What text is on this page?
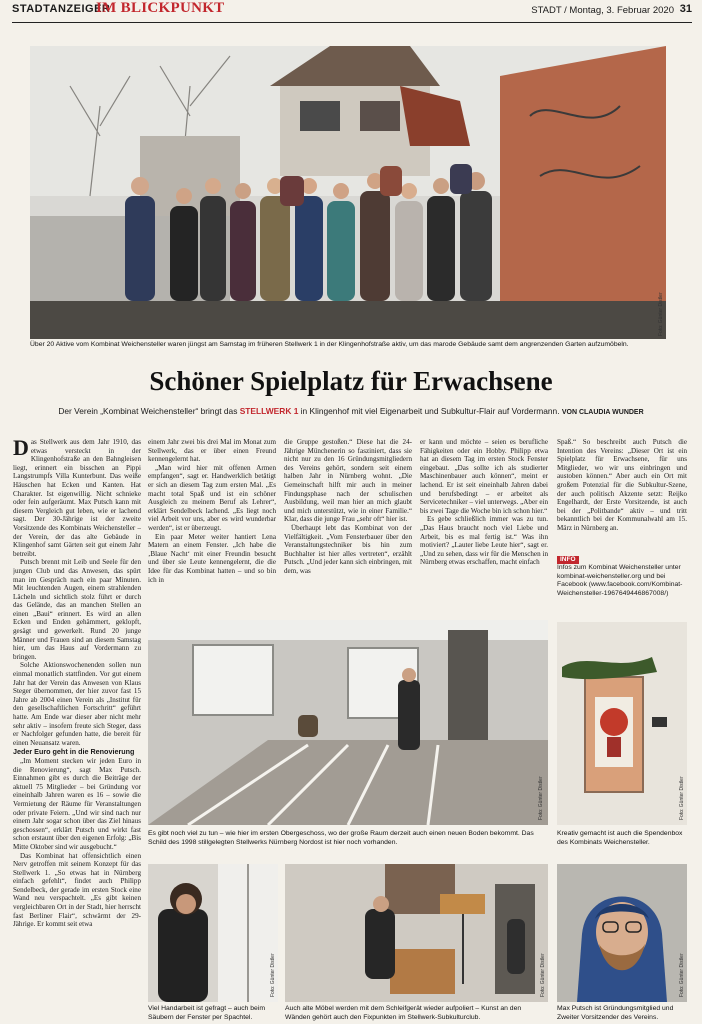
STADTANZEIGER
IM BLICKPUNKT	STADT / Montag, 3. Februar 2020 31
Foto: Günter Distler
Über 20 Aktive vom Kombinat Weichensteller waren jüngst am Samstag im früheren Stellwerk 1 in der Klingenhofstraße aktiv, um das marode Gebäude samt dem angrenzenden Garten aufzumöbeln.
Schöner Spielplatz für Erwachsene
Der Verein „Kombinat Weichensteller“ bringt das STELLWERK 1 in Klingenhof mit viel Eigenarbeit und Subkultur-Flair auf Vordermann. VON CLAUDIA WUNDER

Das Stellwerk aus dem Jahr 1910, das etwas versteckt in der Klingenhofstraße an den Bahngleisen liegt, erinnert ein bisschen an Pippi Langstrumpfs Villa Kunterbunt. Das weiße Häuschen hat Ecken und Kanten. Hat Charakter. Ist eigenwillig. Nicht schnieke oder fein aufgeräumt. Max Putsch kann mit diesem Vergleich gut leben, wie er lachend sagt. Der 30-Jährige ist der zweite Vorsitzende des Kombinats Weichensteller – der Verein, der das alte Gebäude in Klingenhof samt Gärten seit gut einem Jahr betreibt.

Putsch brennt mit Leib und Seele für den jungen Club und das Anwesen, das spürt man im Gespräch nach ein paar Minuten. Mit leuchtenden Augen, einem strahlenden Lächeln und sichtlich stolz führt er durch das Gelände, das an manchen Stellen an einen „Baui“ erinnert. Es wird an allen Ecken und Enden gehämmert, geklopft, gesägt und gewerkelt. Rund 20 junge Männer und Frauen sind an diesem Samstag hier, um das Haus auf Vordermann zu bringen.

Solche Aktionswochenenden sollen nun einmal monatlich stattfinden. Vor gut einem Jahr hat der Verein das Anwesen von Klaus Steger übernommen, der hier zuvor fast 15 Jahre ab 2004 einen Verein als „Institut für den gesellschaftlichen Fortschritt“ geführt hatte. Am Ende war dieser aber nicht mehr sehr aktiv – insofern freute sich Steger, dass er Nachfolger gefunden hatte, die bereit für einen Neuansatz waren.

Jeder Euro geht in die Renovierung

„Im Moment stecken wir jeden Euro in die Renovierung“, sagt Max Putsch. Einnahmen gibt es durch die Beiträge der aktuell 75 Mitglieder – bei Gründung vor eineinhalb Jahren waren es 16 – sowie die Vermietung der Räume für Veranstaltungen oder private Feiern. „Und wir sind nach nur einem Jahr sogar schon über das Ziel hinaus geschossen“, erklärt Putsch und wirkt fast schon erstaunt über den eigenen Erfolg: „Bis Mitte Oktober sind wir ausgebucht.“

Das Kombinat hat offensichtlich einen Nerv getroffen mit seinem Konzept für das Stellwerk 1. „So etwas hat in Nürnberg einfach gefehlt“, findet auch Philipp Sendelbeck, der gerade im ersten Stock eine Wand neu verspachtelt. „Es gibt keinen vergleichbaren Ort in der Stadt, hier herrscht fast Berliner Flair“, schwärmt der 29-Jährige. Er kommt seit etwa

einem Jahr zwei bis drei Mal im Monat zum Stellwerk, das er über einen Freund kennengelernt hat.

„Man wird hier mit offenen Armen empfangen“, sagt er. Handwerklich betätigt er sich an diesem Tag zum ersten Mal. „Es macht total Spaß und ist ein schöner Ausgleich zu meinem Beruf als Lehrer“, erklärt Sendelbeck lachend. „Es liegt noch viel Arbeit vor uns, aber es wird wunderbar werden“, ist er überzeugt.

Ein paar Meter weiter hantiert Lena Matern an einem Fenster. „Ich habe die ‚Blaue Nacht‘ mit einer Freundin besucht und über sie Leute kennengelernt, die die Idee für das Kombinat hatten – und so bin ich in

die Gruppe gestoßen.“ Diese hat die 24-Jährige Münchenerin so fasziniert, dass sie nicht nur zu den 16 Gründungsmitgliedern des Vereins gehört, sondern seit einem halben Jahr in Nürnberg wohnt. „Die Gemeinschaft hilft mir auch in meiner Findungsphase nach der schulischen Ausbildung, weil man hier an mich glaubt und mich unterstützt, wie in einer Familie.“ Klar, dass die junge Frau „sehr oft“ hier ist.

Überhaupt lebt das Kombinat von der Vielfältigkeit. „Vom Fensterbauer über den Veranstaltungstechniker bis hin zum Buchhalter ist hier alles vertreten“, erzählt Putsch. „Und jeder kann sich einbringen, mit dem, was

er kann und möchte – seien es berufliche Fähigkeiten oder ein Hobby. Philipp etwa hat an diesem Tag im ersten Stock Fenster eingebaut. „Das sollte ich als studierter Maschinenbauer auch können“, meint er lachend. Er ist seit eineinhalb Jahren dabei und berufsbedingt – er arbeitet als Servicetechniker – viel unterwegs. „Aber ein bis zwei Tage die Woche bin ich schon hier.“

Es gebe schließlich immer was zu tun. „Das Haus braucht noch viel Liebe und Arbeit, bis es mal fertig ist.“ Was ihn motiviert? „Lauter liebe Leute hier“, sagt er. „Und zu sehen, dass wir für die Menschen in Nürnberg etwas erschaffen, macht einfach

Spaß.“ So beschreibt auch Putsch die Intention des Vereins: „Dieser Ort ist ein Spielplatz für Erwachsene, für uns Mitglieder, wo wir uns einbringen und austoben können.“ Aber auch ein Ort mit großem Potenzial für die Subkultur-Szene, der auch politisch Akzente setzt: Reijko Engelhardt, der Erste Vorsitzende, ist auch bei der „Politbande“ aktiv – und tritt bekanntlich bei der Kommunalwahl am 15. März in Nürnberg an.

INFO
Infos zum Kombinat Weichensteller unter kombinat-weichensteller.org und bei Facebook (www.facebook.com/Kombinat-Weichensteller-1967649446867008/)
Foto: Günter Distler
Es gibt noch viel zu tun – wie hier im ersten Obergeschoss, wo der große Raum derzeit auch einen neuen Boden bekommt. Das Schild des 1998 stillgelegten Stellwerks Nürnberg Nordost ist hier noch vorhanden.
Foto: Günter Distler
Kreativ gemacht ist auch die Spendenbox des Kombinats Weichensteller.
Foto: Günter Distler
Viel Handarbeit ist gefragt – auch beim Säubern der Fenster per Spachtel.
Foto: Günter Distler
Auch alte Möbel werden mit dem Schleifgerät wieder aufpoliert – Kunst an den Wänden gehört auch den Fixpunkten im Stellwerk-Subkulturclub.
Foto: Günter Distler
Max Putsch ist Gründungsmitglied und Zweiter Vorsitzender des Vereins.
